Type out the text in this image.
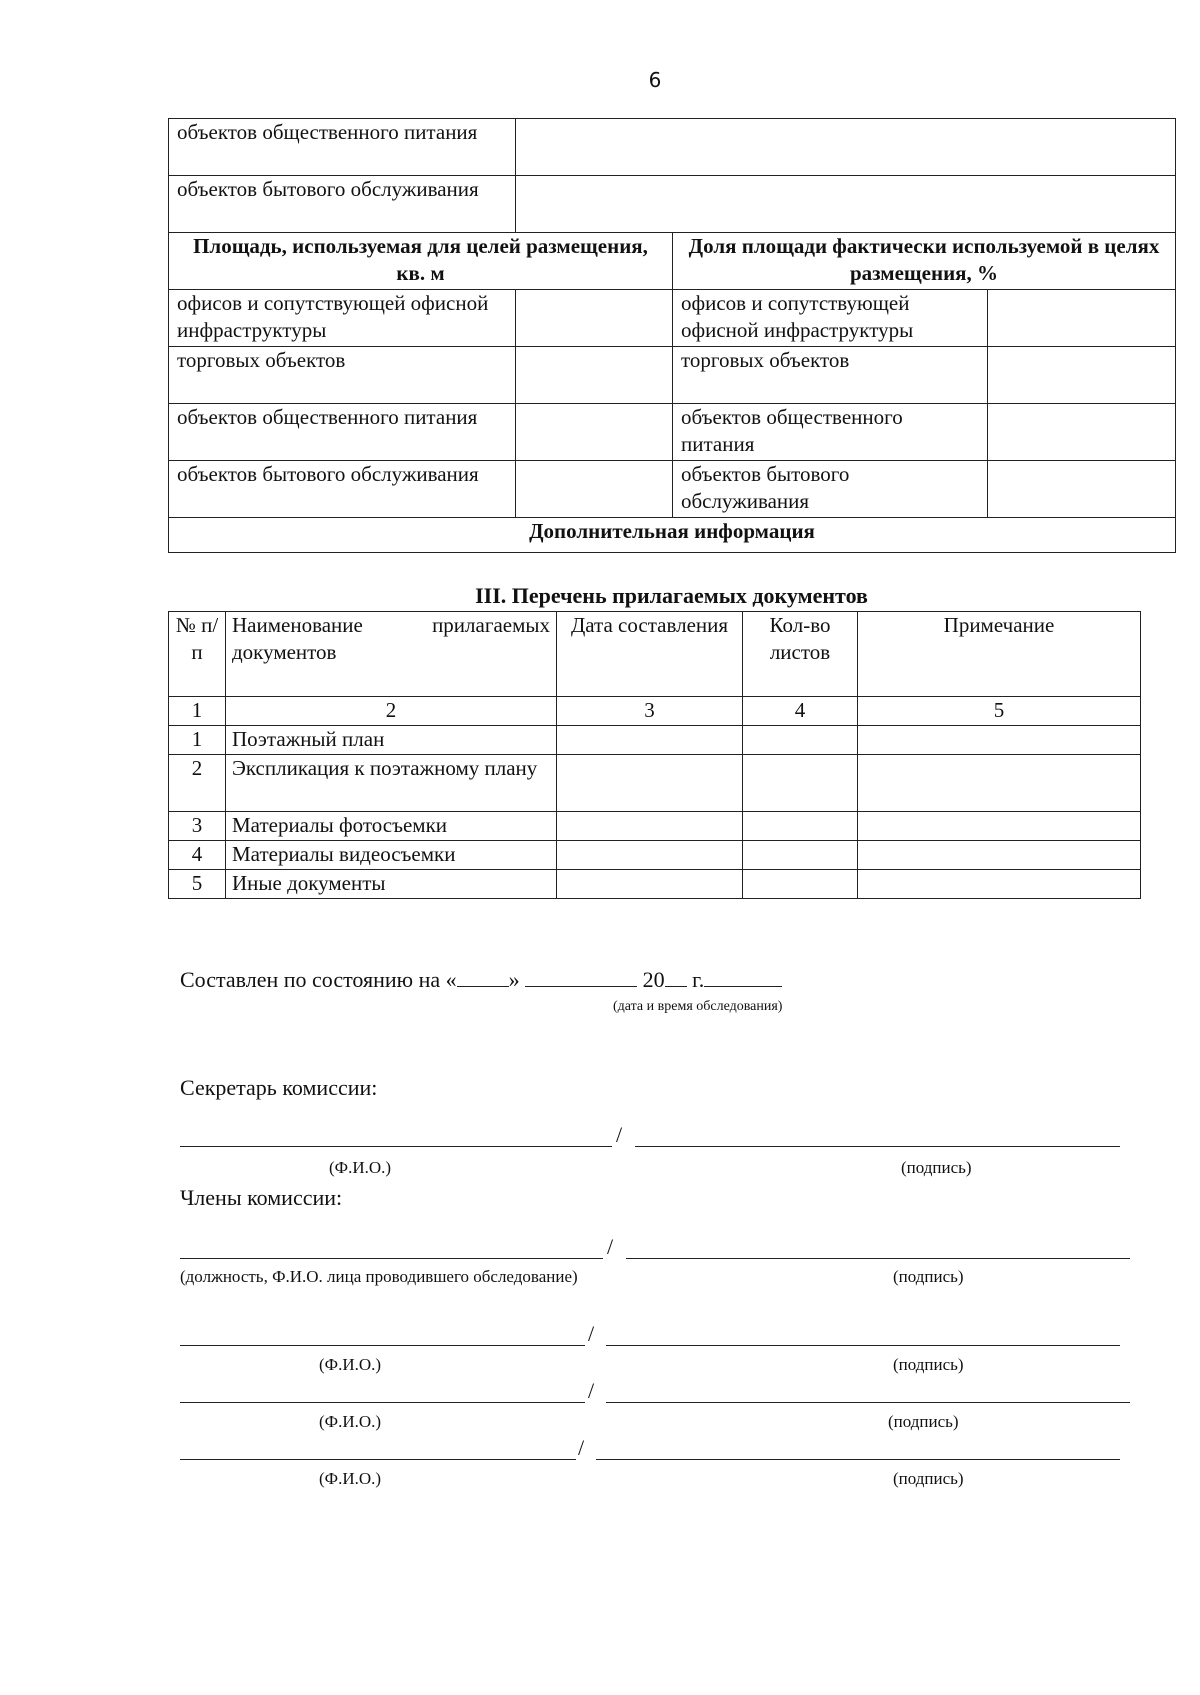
6
объектов общественного питания			
объектов бытового обслуживания			
Площадь, используемая для целей размещения, кв. м		Доля площади фактически используемой в целях размещения, %	
офисов и сопутствующей офисной инфраструктуры		офисов и сопутствующей офисной инфраструктуры	
торговых объектов		торговых объектов	
объектов общественного питания		объектов общественного питания	
объектов бытового обслуживания		объектов бытового обслуживания	
Дополнительная информация			
III. Перечень прилагаемых документов
№ п/п	Наименование прилагаемых документов	Дата составления	Кол-во листов	Примечание
1	2	3	4	5
1	Поэтажный план			
2	Экспликация к поэтажному плану			
3	Материалы фотосъемки			
4	Материалы видеосъемки			
5	Иные документы			
Составлен по состоянию на « »	20 г.
(дата и время обследования)
Секретарь комиссии:
/
(Ф.И.О.)	(подпись)
Члены комиссии:
/
(должность, Ф.И.О. лица проводившего обследование)	(подпись)
/
(Ф.И.О.)	(подпись)
/
(Ф.И.О.)	(подпись)
/
(Ф.И.О.)	(подпись)
